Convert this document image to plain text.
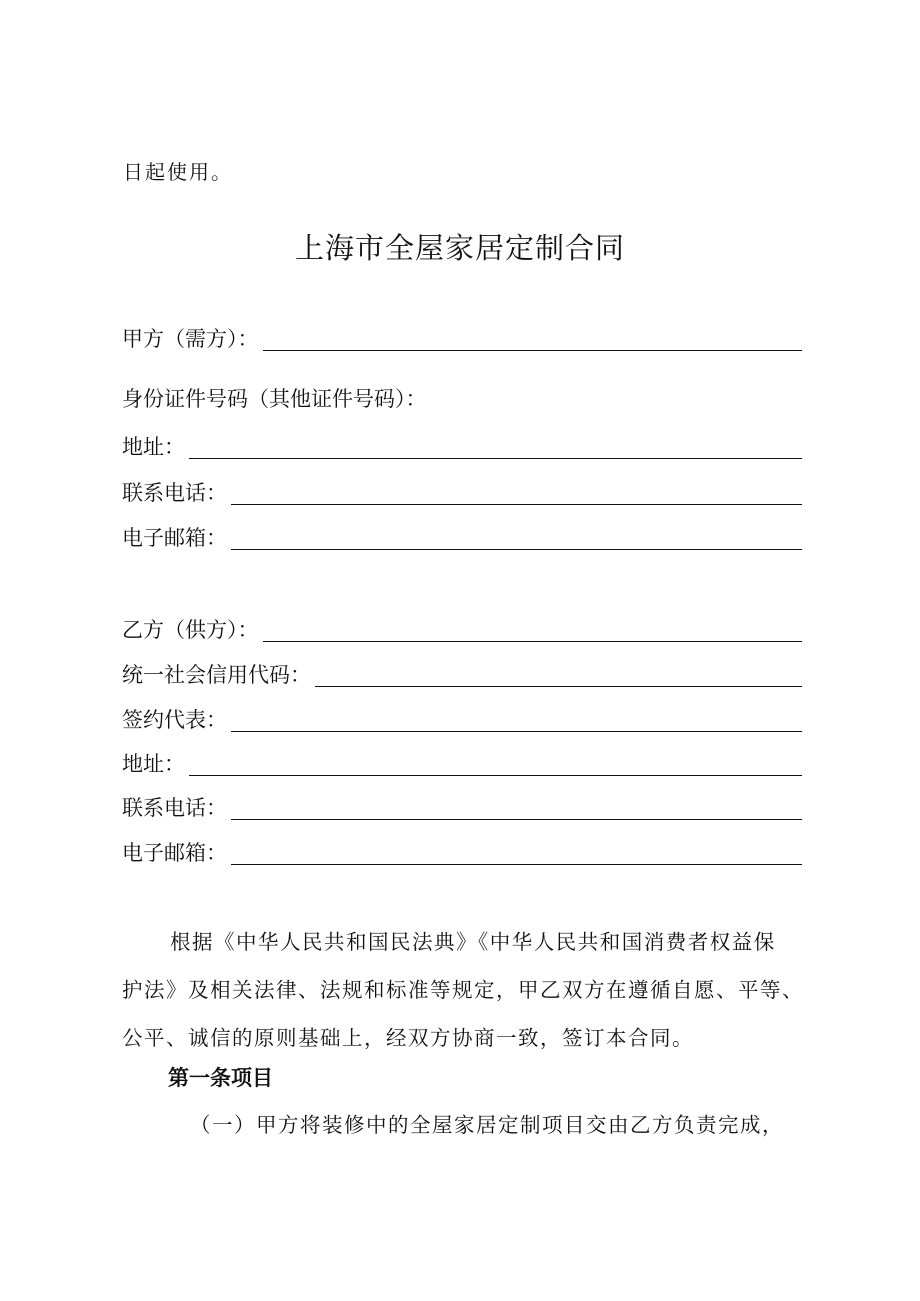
日起使用。
上海市全屋家居定制合同
甲方（需方）：
身份证件号码（其他证件号码）：
地址：
联系电话：
电子邮箱：
乙方（供方）：
统一社会信用代码：
签约代表：
地址：
联系电话：
电子邮箱：

根据《中华人民共和国民法典》《中华人民共和国消费者权益保

护法》及相关法律、法规和标准等规定，甲乙双方在遵循自愿、平等、

公平、诚信的原则基础上，经双方协商一致，签订本合同。

第一条项目
（一）甲方将装修中的全屋家居定制项目交由乙方负责完成，
